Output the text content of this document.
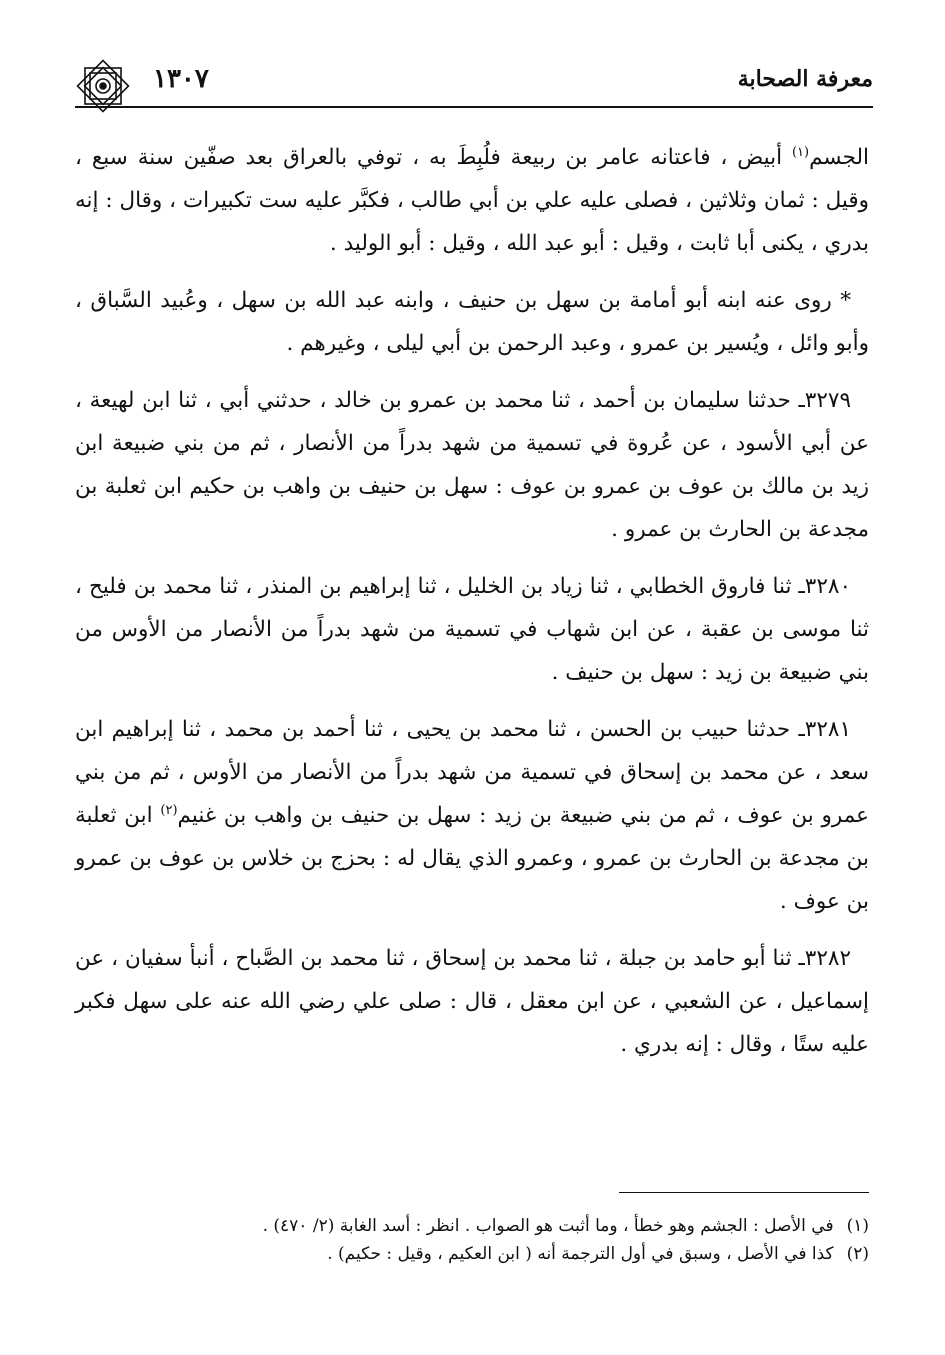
معرفة الصحابة
١٣٠٧

الجسم$^{(١)}$ أبيض ، فاعتانه عامر بن ربيعة فلُبِطَ به ، توفي بالعراق بعد صفّين سنة سبع ، وقيل : ثمان وثلاثين ، فصلى عليه علي بن أبي طالب ، فكبَّر عليه ست تكبيرات ، وقال : إنه بدري ، يكنى أبا ثابت ، وقيل : أبو عبد الله ، وقيل : أبو الوليد .

* روى عنه ابنه أبو أمامة بن سهل بن حنيف ، وابنه عبد الله بن سهل ، وعُبيد السَّباق ، وأبو وائل ، ويُسير بن عمرو ، وعبد الرحمن بن أبي ليلى ، وغيرهم .

٣٢٧٩ـ حدثنا سليمان بن أحمد ، ثنا محمد بن عمرو بن خالد ، حدثني أبي ، ثنا ابن لهيعة ، عن أبي الأسود ، عن عُروة في تسمية من شهد بدراً من الأنصار ، ثم من بني ضبيعة ابن زيد بن مالك بن عوف بن عمرو بن عوف : سهل بن حنيف بن واهب بن حكيم ابن ثعلبة بن مجدعة بن الحارث بن عمرو .

٣٢٨٠ـ ثنا فاروق الخطابي ، ثنا زياد بن الخليل ، ثنا إبراهيم بن المنذر ، ثنا محمد بن فليح ، ثنا موسى بن عقبة ، عن ابن شهاب في تسمية من شهد بدراً من الأنصار من الأوس من بني ضبيعة بن زيد : سهل بن حنيف .

٣٢٨١ـ حدثنا حبيب بن الحسن ، ثنا محمد بن يحيى ، ثنا أحمد بن محمد ، ثنا إبراهيم ابن سعد ، عن محمد بن إسحاق في تسمية من شهد بدراً من الأنصار من الأوس ، ثم من بني عمرو بن عوف ، ثم من بني ضبيعة بن زيد : سهل بن حنيف بن واهب بن غنيم$^{(٢)}$ ابن ثعلبة بن مجدعة بن الحارث بن عمرو ، وعمرو الذي يقال له : بحزج بن خلاس بن عوف بن عمرو بن عوف .

٣٢٨٢ـ ثنا أبو حامد بن جبلة ، ثنا محمد بن إسحاق ، ثنا محمد بن الصَّباح ، أنبأ سفيان ، عن إسماعيل ، عن الشعبي ، عن ابن معقل ، قال : صلى علي رضي الله عنه على سهل فكبر عليه ستًا ، وقال : إنه بدري .

(١) في الأصل : الجشم وهو خطأ ، وما أثبت هو الصواب . انظر : أسد الغابة (٢/ ٤٧٠) .

(٢) كذا في الأصل ، وسبق في أول الترجمة أنه ( ابن العكيم ، وقيل : حكيم) .
